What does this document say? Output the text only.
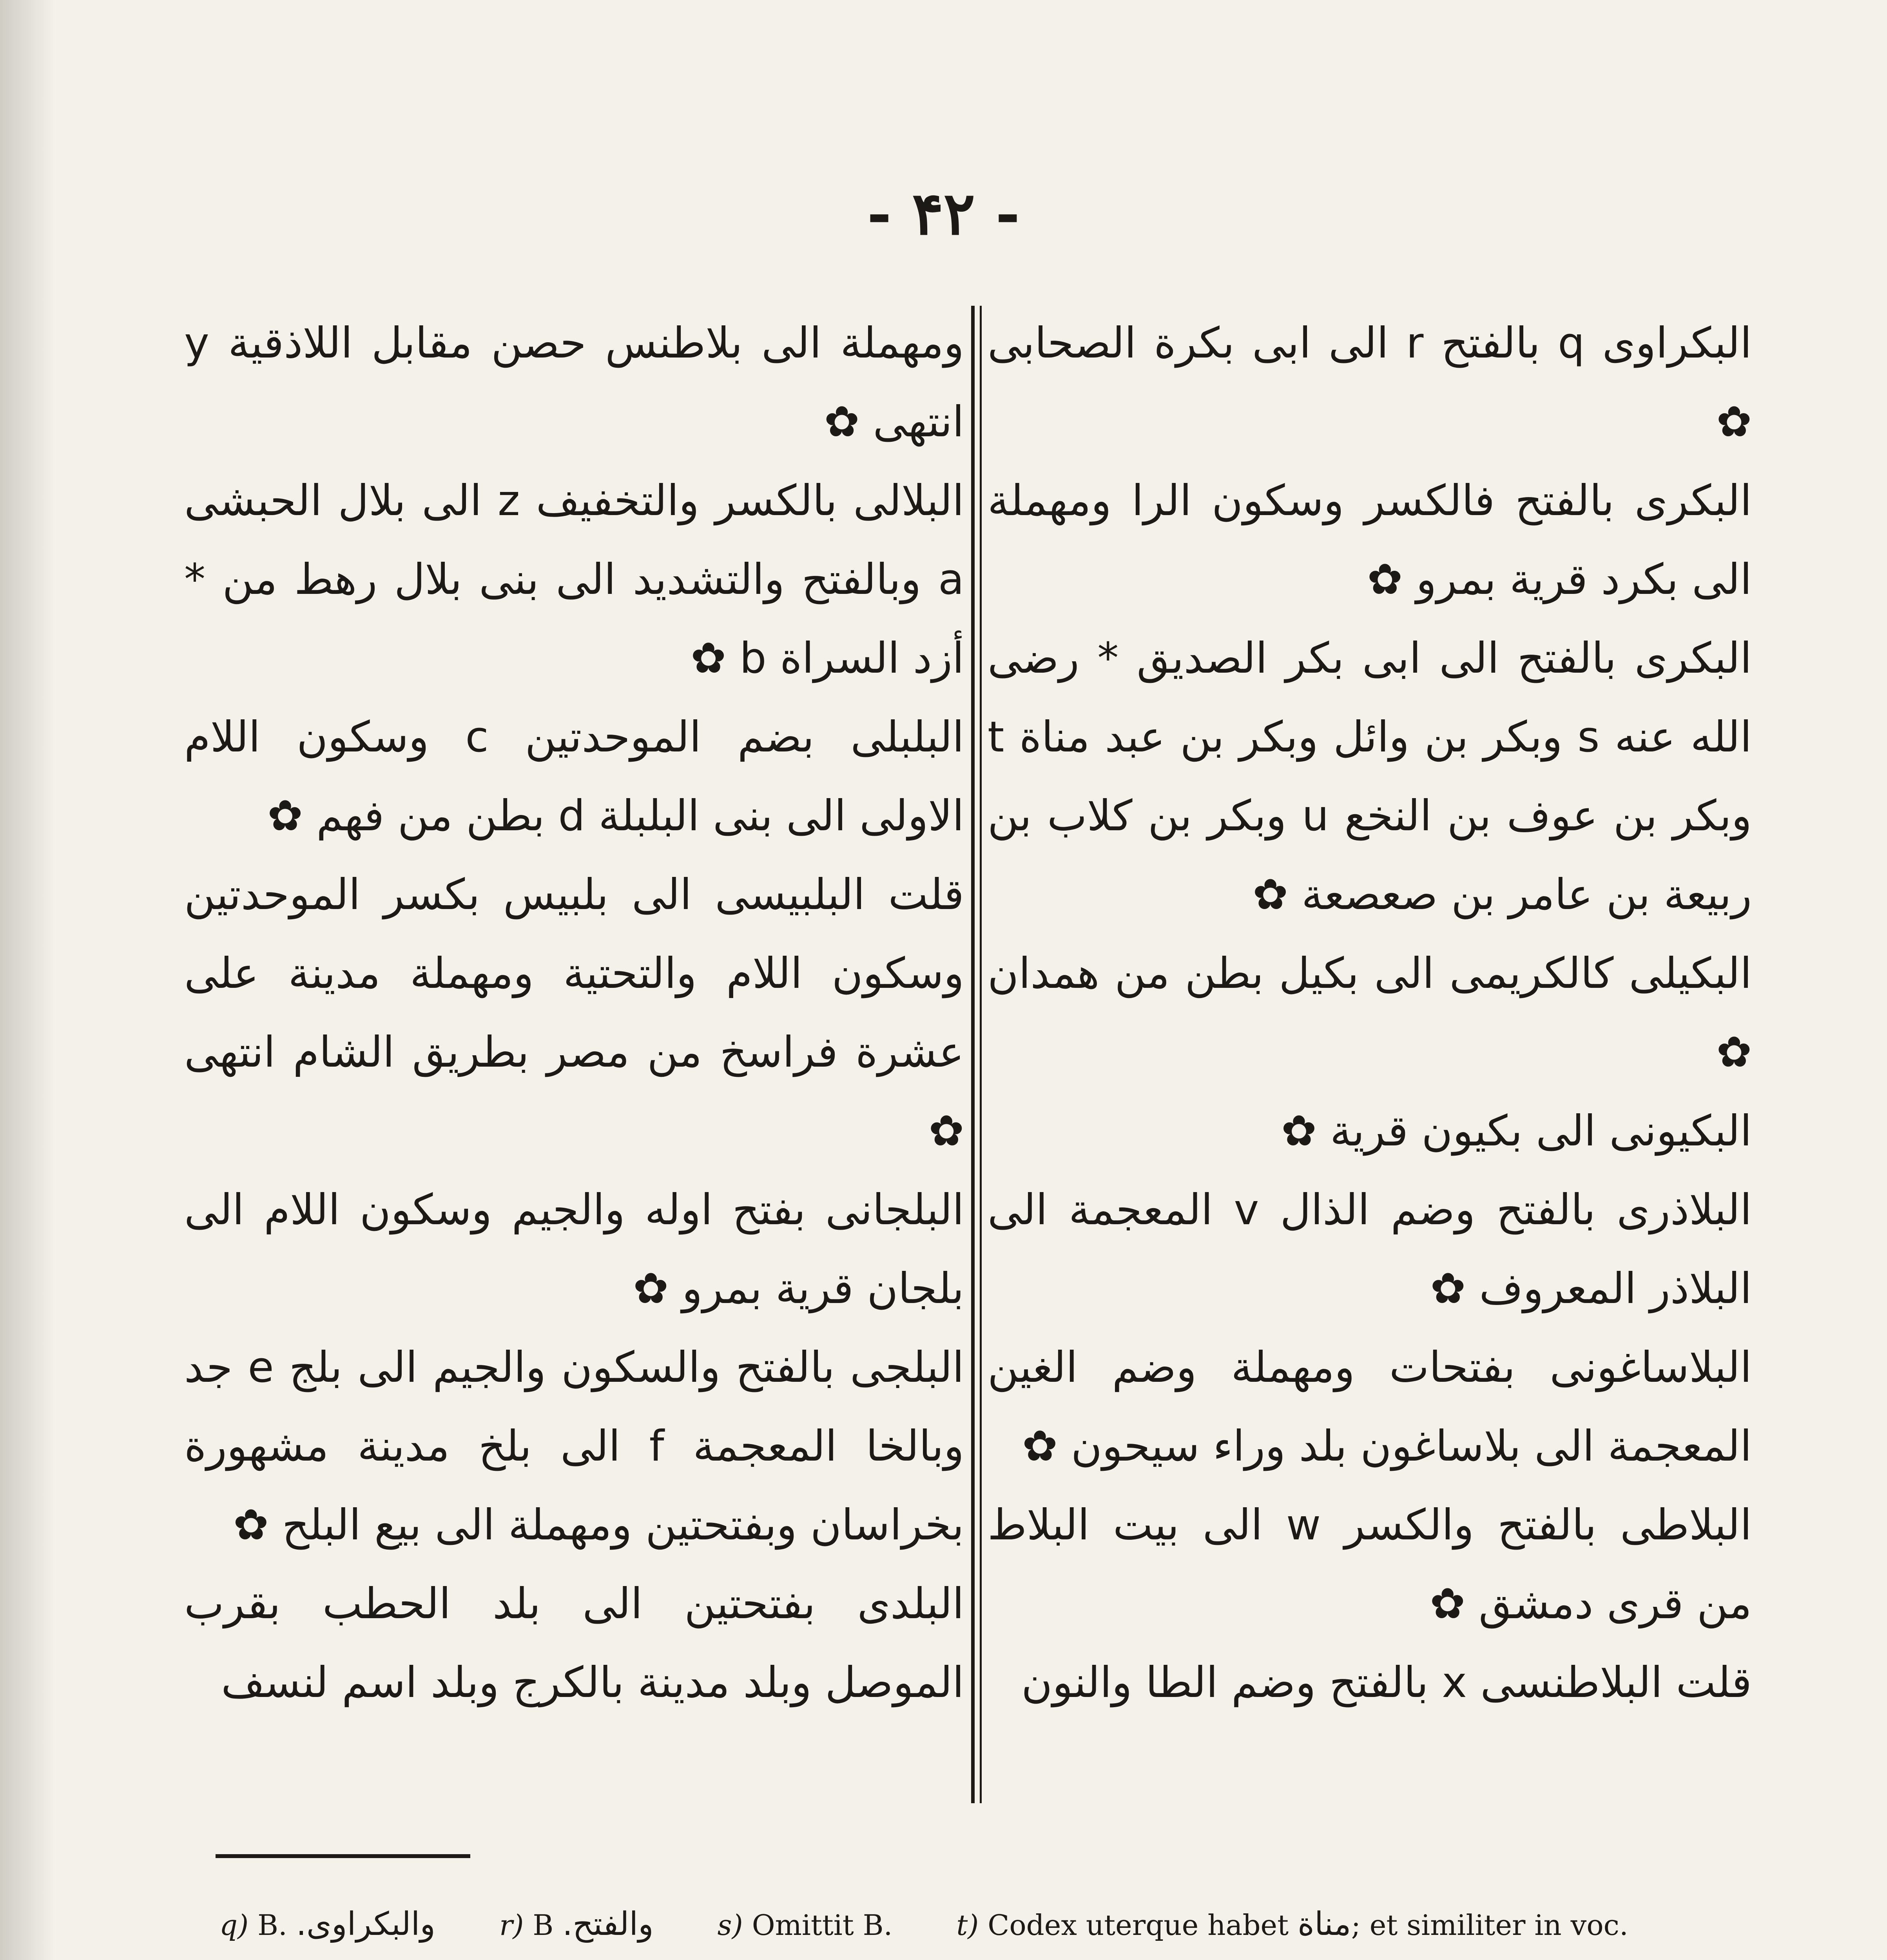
- ۴۲ -

البكراوى q بالفتح r الى ابى بكرة الصحابى ✿

البكرى بالفتح فالكسر وسكون الرا ومهملة الى بكرد قرية بمرو ✿

البكرى بالفتح الى ابى بكر الصديق * رضى الله عنه s وبكر بن وائل وبكر بن عبد مناة t وبكر بن عوف بن النخع u وبكر بن كلاب بن ربيعة بن عامر بن صعصعة ✿

البكيلى كالكريمى الى بكيل بطن من همدان ✿

البكيونى الى بكيون قرية ✿

البلاذرى بالفتح وضم الذال v المعجمة الى البلاذر المعروف ✿

البلاساغونى بفتحات ومهملة وضم الغين المعجمة الى بلاساغون بلد وراء سيحون ✿

البلاطى بالفتح والكسر w الى بيت البلاط من قرى دمشق ✿

قلت البلاطنسى x بالفتح وضم الطا والنون

ومهملة الى بلاطنس حصن مقابل اللاذقية y انتهى ✿

البلالى بالكسر والتخفيف z الى بلال الحبشى a وبالفتح والتشديد الى بنى بلال رهط من * أزد السراة b ✿

البلبلى بضم الموحدتين c وسكون اللام الاولى الى بنى البلبلة d بطن من فهم ✿

قلت البلبيسى الى بلبيس بكسر الموحدتين وسكون اللام والتحتية ومهملة مدينة على عشرة فراسخ من مصر بطريق الشام انتهى ✿

البلجانى بفتح اوله والجيم وسكون اللام الى بلجان قرية بمرو ✿

البلجى بالفتح والسكون والجيم الى بلج e جد وبالخا المعجمة f الى بلخ مدينة مشهورة بخراسان وبفتحتين ومهملة الى بيع البلح ✿

البلدى بفتحتين الى بلد الحطب بقرب الموصل وبلد مدينة بالكرج وبلد اسم لنسف

q) B. والبكراوى. r) B والفتح. s) Omittit B. t) Codex uterque habet مناة; et similiter in voc.
